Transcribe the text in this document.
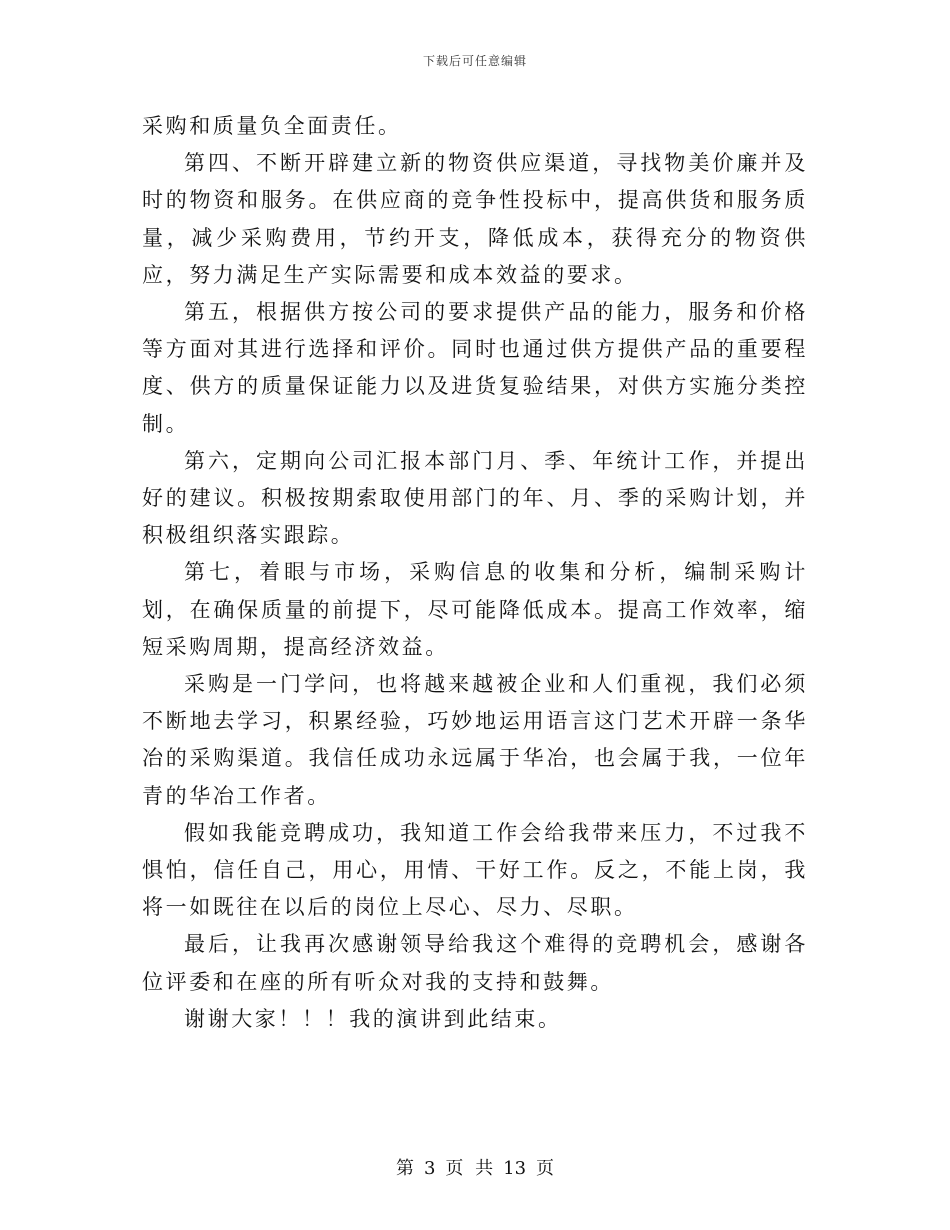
下载后可任意编辑

采购和质量负全面责任。

第四、不断开辟建立新的物资供应渠道，寻找物美价廉并及时的物资和服务。在供应商的竞争性投标中，提高供货和服务质量，减少采购费用，节约开支，降低成本，获得充分的物资供应，努力满足生产实际需要和成本效益的要求。

第五，根据供方按公司的要求提供产品的能力，服务和价格等方面对其进行选择和评价。同时也通过供方提供产品的重要程度、供方的质量保证能力以及进货复验结果，对供方实施分类控制。

第六，定期向公司汇报本部门月、季、年统计工作，并提出好的建议。积极按期索取使用部门的年、月、季的采购计划，并积极组织落实跟踪。

第七，着眼与市场，采购信息的收集和分析，编制采购计划，在确保质量的前提下，尽可能降低成本。提高工作效率，缩短采购周期，提高经济效益。

采购是一门学问，也将越来越被企业和人们重视，我们必须不断地去学习，积累经验，巧妙地运用语言这门艺术开辟一条华冶的采购渠道。我信任成功永远属于华冶，也会属于我，一位年青的华冶工作者。

假如我能竞聘成功，我知道工作会给我带来压力，不过我不惧怕，信任自己，用心，用情、干好工作。反之，不能上岗，我将一如既往在以后的岗位上尽心、尽力、尽职。

最后，让我再次感谢领导给我这个难得的竞聘机会，感谢各位评委和在座的所有听众对我的支持和鼓舞。

谢谢大家！！！我的演讲到此结束。

第 3 页 共 13 页
